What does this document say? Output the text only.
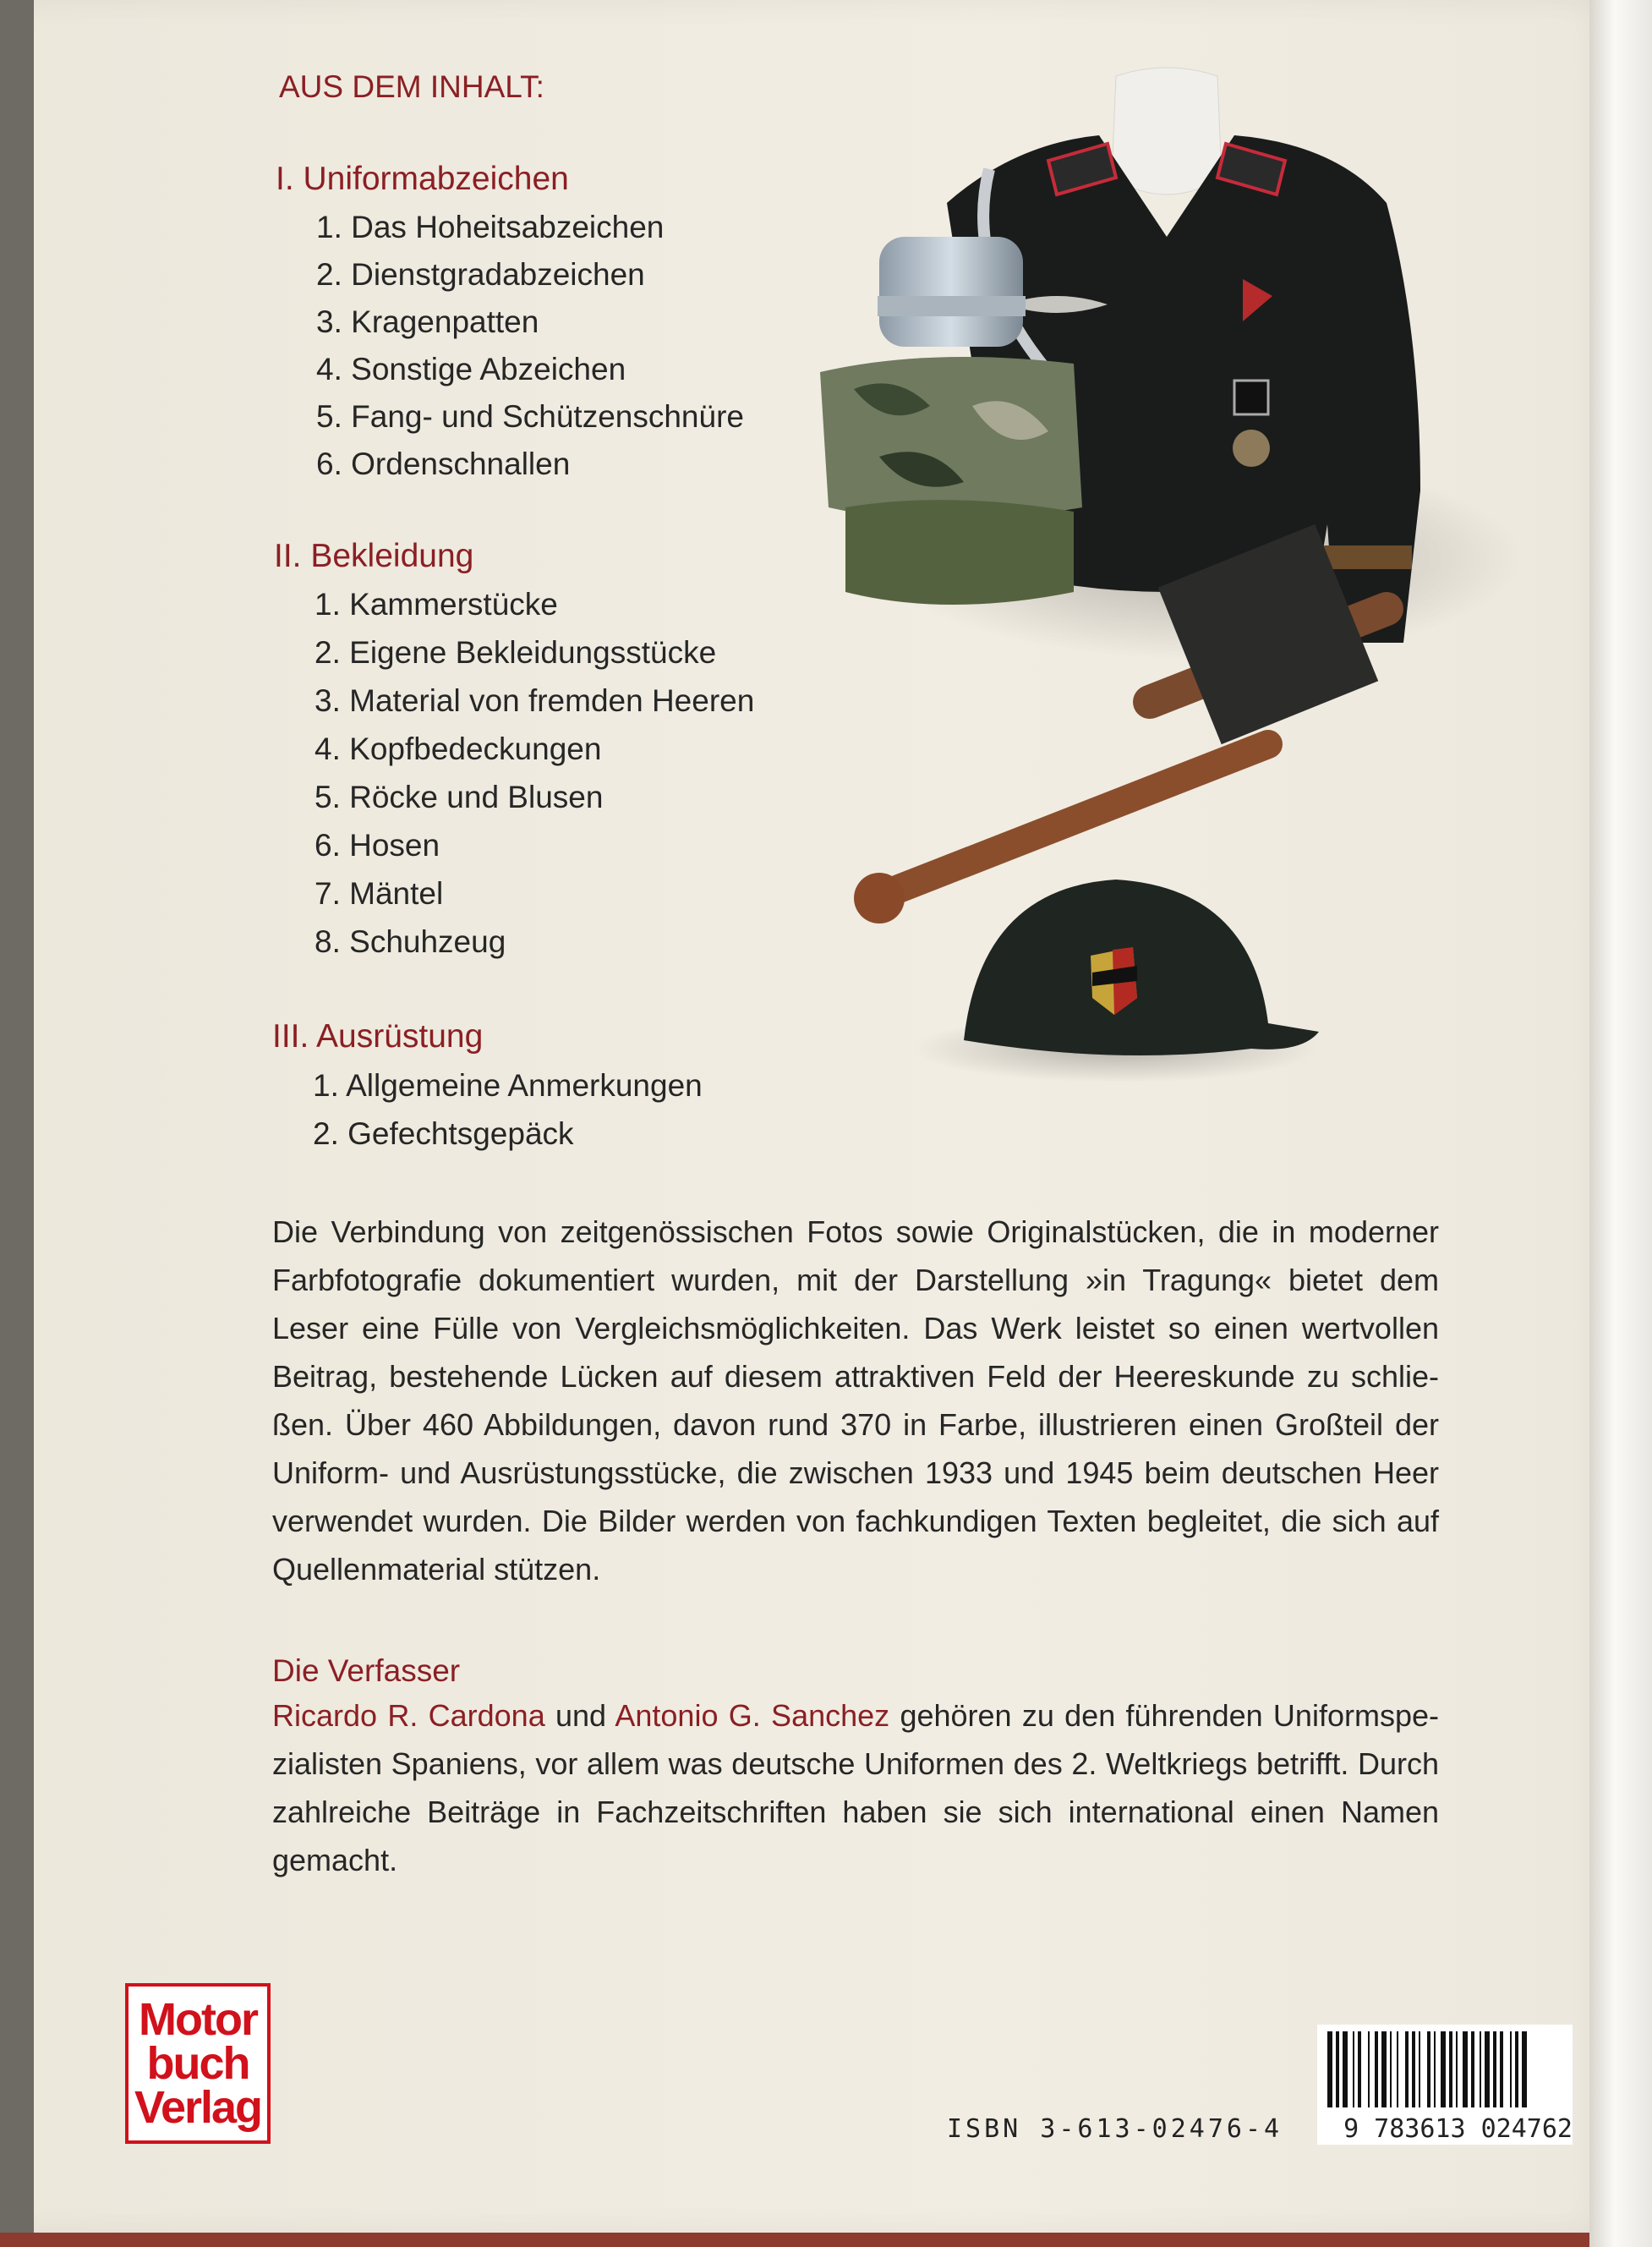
AUS DEM INHALT:
I. Uniformabzeichen
1. Das Hoheitsabzeichen
2. Dienstgradabzeichen
3. Kragenpatten
4. Sonstige Abzeichen
5. Fang- und Schützenschnüre
6. Ordenschnallen
II. Bekleidung
1. Kammerstücke
2. Eigene Bekleidungsstücke
3. Material von fremden Heeren
4. Kopfbedeckungen
5. Röcke und Blusen
6. Hosen
7. Mäntel
8. Schuhzeug
III. Ausrüstung
1. Allgemeine Anmerkungen
2. Gefechtsgepäck
Die Verbindung von zeitgenössischen Fotos sowie Originalstücken, die in moderner Farbfotografie dokumentiert wurden, mit der Darstellung »in Tragung« bietet dem Leser eine Fülle von Vergleichsmöglichkeiten. Das Werk leistet so einen wertvollen Beitrag, bestehende Lücken auf diesem attraktiven Feld der Heereskunde zu schlie-ßen. Über 460 Abbildungen, davon rund 370 in Farbe, illustrieren einen Großteil der Uniform- und Ausrüstungsstücke, die zwischen 1933 und 1945 beim deutschen Heer verwendet wurden. Die Bilder werden von fachkundigen Texten begleitet, die sich auf Quellenmaterial stützen.
Die Verfasser
Ricardo R. Cardona und Antonio G. Sanchez gehören zu den führenden Uniformspe-zialisten Spaniens, vor allem was deutsche Uniformen des 2. Weltkriegs betrifft. Durch zahlreiche Beiträge in Fachzeitschriften haben sie sich international einen Namen gemacht.
Motor
buch
Verlag	ISBN 3-613-02476-4	9 783613 024762
